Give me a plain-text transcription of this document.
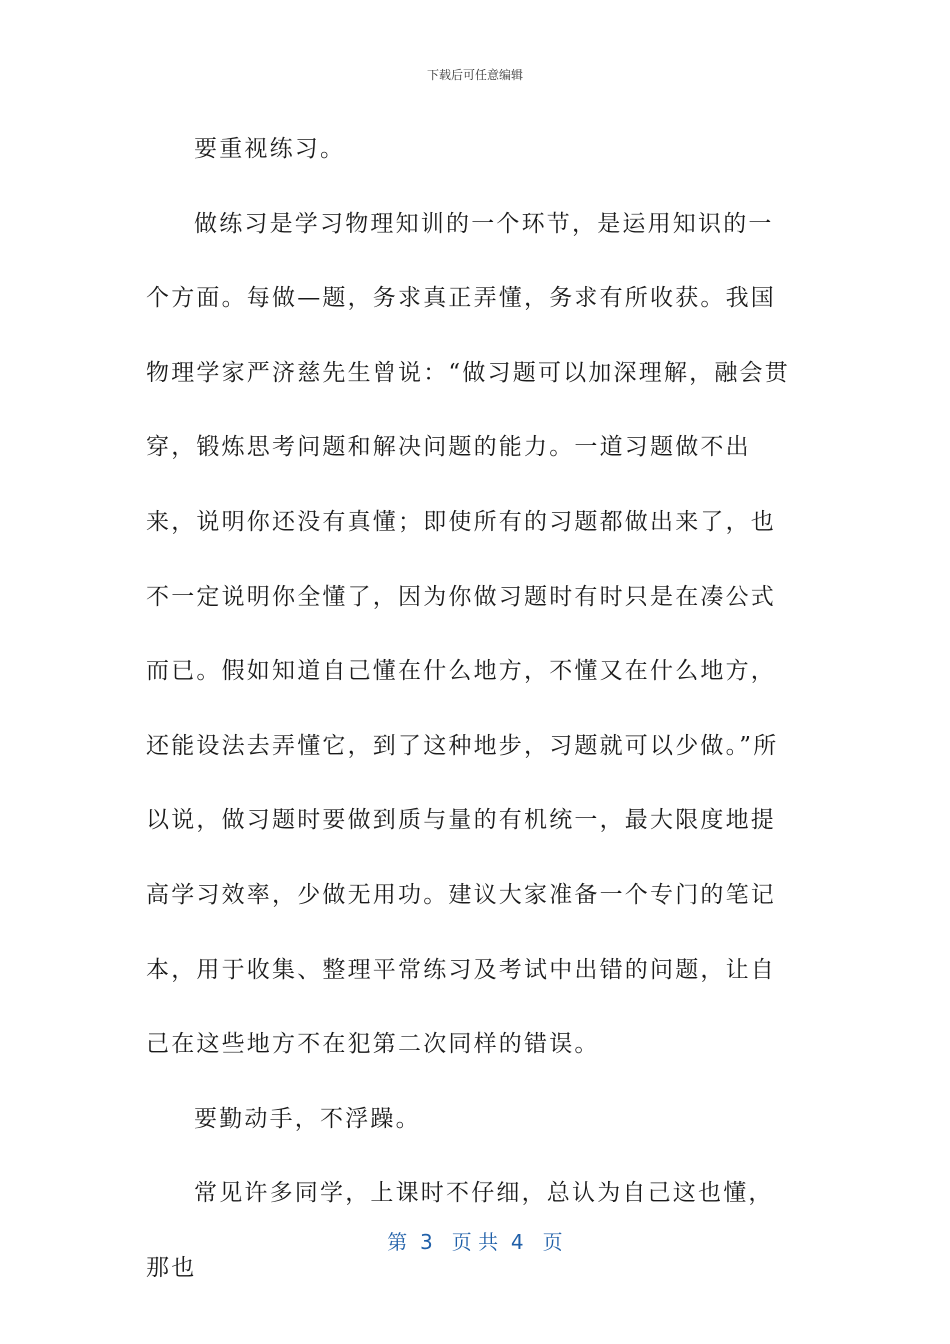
下载后可任意编辑

要重视练习。

做练习是学习物理知训的一个环节，是运用知识的一个方面。每做—题，务求真正弄懂，务求有所收获。我国物理学家严济慈先生曾说：“做习题可以加深理解，融会贯穿，锻炼思考问题和解决问题的能力。一道习题做不出来，说明你还没有真懂；即使所有的习题都做出来了，也不一定说明你全懂了，因为你做习题时有时只是在凑公式而已。假如知道自己懂在什么地方，不懂又在什么地方，还能设法去弄懂它，到了这种地步，习题就可以少做。”所以说，做习题时要做到质与量的有机统一，最大限度地提高学习效率，少做无用功。建议大家准备一个专门的笔记本，用于收集、整理平常练习及考试中出错的问题，让自己在这些地方不在犯第二次同样的错误。

要勤动手，不浮躁。

常见许多同学，上课时不仔细，总认为自己这也懂，那也

第  3   页 共  4   页
